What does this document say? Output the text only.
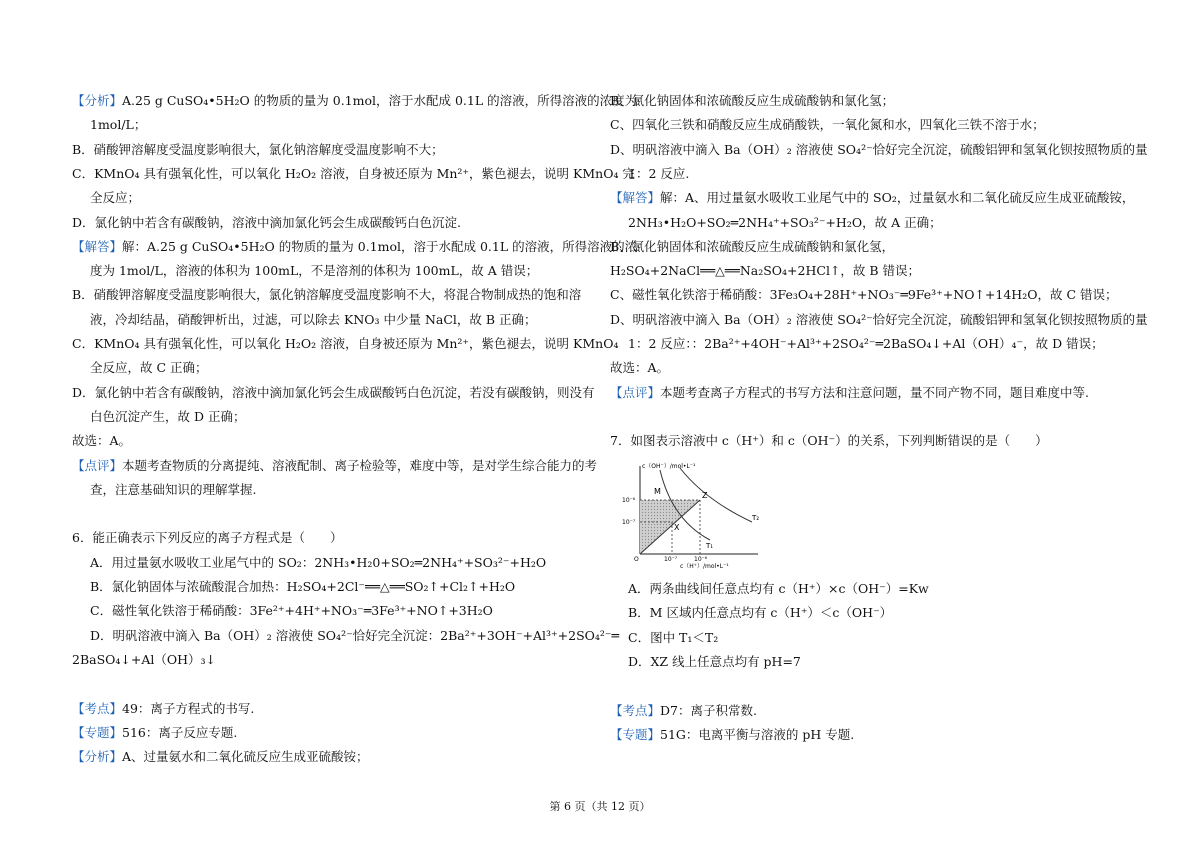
【分析】A.25 g CuSO₄•5H₂O 的物质的量为 0.1mol，溶于水配成 0.1L 的溶液，所得溶液的浓度为
1mol/L；
B．硝酸钾溶解度受温度影响很大，氯化钠溶解度受温度影响不大；
C．KMnO₄ 具有强氧化性，可以氧化 H₂O₂ 溶液，自身被还原为 Mn²⁺，紫色褪去，说明 KMnO₄ 完
全反应；
D．氯化钠中若含有碳酸钠，溶液中滴加氯化钙会生成碳酸钙白色沉淀.
【解答】解：A.25 g CuSO₄•5H₂O 的物质的量为 0.1mol，溶于水配成 0.1L 的溶液，所得溶液的浓
度为 1mol/L，溶液的体积为 100mL，不是溶剂的体积为 100mL，故 A 错误；
B．硝酸钾溶解度受温度影响很大，氯化钠溶解度受温度影响不大，将混合物制成热的饱和溶
液，冷却结晶，硝酸钾析出，过滤，可以除去 KNO₃ 中少量 NaCl，故 B 正确；
C．KMnO₄ 具有强氧化性，可以氧化 H₂O₂ 溶液，自身被还原为 Mn²⁺，紫色褪去，说明 KMnO₄
全反应，故 C 正确；
D．氯化钠中若含有碳酸钠，溶液中滴加氯化钙会生成碳酸钙白色沉淀，若没有碳酸钠，则没有
白色沉淀产生，故 D 正确；
故选：A。
【点评】本题考查物质的分离提纯、溶液配制、离子检验等，难度中等，是对学生综合能力的考
查，注意基础知识的理解掌握.
6．能正确表示下列反应的离子方程式是（　　）
A．用过量氨水吸收工业尾气中的 SO₂：2NH₃•H₂0+SO₂═2NH₄⁺+SO₃²⁻+H₂O
B．氯化钠固体与浓硫酸混合加热：H₂SO₄+2Cl⁻══△══SO₂↑+Cl₂↑+H₂O
C．磁性氧化铁溶于稀硝酸：3Fe²⁺+4H⁺+NO₃⁻═3Fe³⁺+NO↑+3H₂O
D．明矾溶液中滴入 Ba（OH）₂ 溶液使 SO₄²⁻恰好完全沉淀：2Ba²⁺+3OH⁻+Al³⁺+2SO₄²⁻═
2BaSO₄↓+Al（OH）₃↓
【考点】49：离子方程式的书写.
【专题】516：离子反应专题.
【分析】A、过量氨水和二氧化硫反应生成亚硫酸铵；
B、氯化钠固体和浓硫酸反应生成硫酸钠和氯化氢；
C、四氧化三铁和硝酸反应生成硝酸铁，一氧化氮和水，四氧化三铁不溶于水；
D、明矾溶液中滴入 Ba（OH）₂ 溶液使 SO₄²⁻恰好完全沉淀，硫酸铝钾和氢氧化钡按照物质的量
1：2 反应.
【解答】解：A、用过量氨水吸收工业尾气中的 SO₂，过量氨水和二氧化硫反应生成亚硫酸铵，
2NH₃•H₂O+SO₂═2NH₄⁺+SO₃²⁻+H₂O，故 A 正确；
B、氯化钠固体和浓硫酸反应生成硫酸钠和氯化氢，
H₂SO₄+2NaCl══△══Na₂SO₄+2HCl↑，故 B 错误；
C、磁性氧化铁溶于稀硝酸：3Fe₃O₄+28H⁺+NO₃⁻═9Fe³⁺+NO↑+14H₂O，故 C 错误；
D、明矾溶液中滴入 Ba（OH）₂ 溶液使 SO₄²⁻恰好完全沉淀，硫酸铝钾和氢氧化钡按照物质的量
1：2 反应：：2Ba²⁺+4OH⁻+Al³⁺+2SO₄²⁻═2BaSO₄↓+Al（OH）₄⁻，故 D 错误；
故选：A。
【点评】本题考查离子方程式的书写方法和注意问题，量不同产物不同，题目难度中等.
7．如图表示溶液中 c（H⁺）和 c（OH⁻）的关系，下列判断错误的是（　　）
c（OH⁻）/mol•L⁻¹
10⁻⁶
10⁻⁷
10⁻⁷	10⁻⁶
c（H⁺）/mol•L⁻¹
O
M
X
Z
T₁
T₂
A．两条曲线间任意点均有 c（H⁺）×c（OH⁻）=Kw
B．M 区域内任意点均有 c（H⁺）＜c（OH⁻）
C．图中 T₁＜T₂
D．XZ 线上任意点均有 pH=7
【考点】D7：离子积常数.
【专题】51G：电离平衡与溶液的 pH 专题.
第 6 页（共 12 页）
